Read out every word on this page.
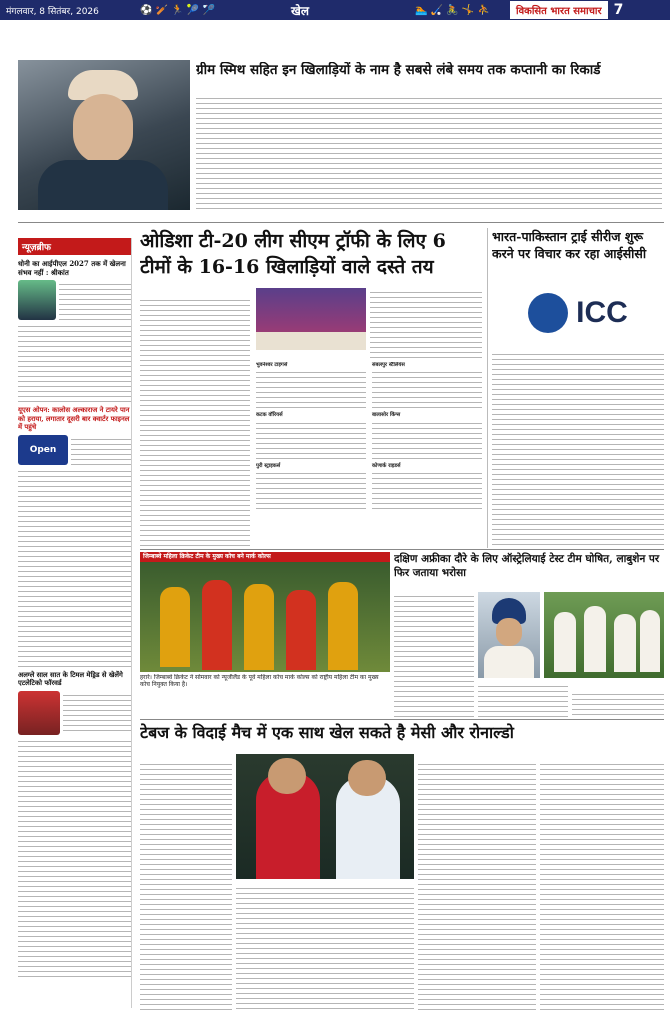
मंगलवार, 8 सितंबर, 2026	⚽ 🏏 🏃 🎾 🏸	खेल	🏊 🏑 🚴 🤸 ⛹	विकसित भारत समाचार 7
ग्रीम स्मिथ सहित इन खिलाड़ियों के नाम है सबसे लंबे समय तक कप्तानी का रिकार्ड
न्यूज़ब्रीफ
धोनी का आईपीएल 2027 तक में खेलना संभव नहीं : श्रीकांत
यूएस ओपन: कालोस अल्काराज ने टायरे पान को हराया, लगातार दूसरी बार क्वार्टर फाइनल में पहुंचे
Open
अलग्ले साल सात के टिमल मेड्रिड से खेलेंगे एटलेटिको फॉरवर्ड
ओडिशा टी-20 लीग सीएम ट्रॉफी के लिए 6 टीमों के 16-16 खिलाड़ियों वाले दस्ते तय
भुवनेश्वर टाइगर्स
कटक वॉरियर्स
पुरी स्ट्राइकर्स
संबलपुर स्टैलियंस
बालासोर किंग्स
कोणार्क राइडर्स
भारत-पाकिस्तान ट्राई सीरीज शुरू करने पर विचार कर रहा आईसीसी
ICC
जिम्बाब्वे महिला क्रिकेट टीम के मुख्य कोच बने मार्क कोल्स
हरारे। जिम्बाब्वे क्रिकेट ने सोमवार को न्यूजीलैंड के पूर्व महिला कोच मार्क कोल्स को राष्ट्रीय महिला टीम का मुख्य कोच नियुक्त किया है।
दक्षिण अफ्रीका दौरे के लिए ऑस्ट्रेलियाई टेस्ट टीम घोषित, लाबुशेन पर फिर जताया भरोसा
टेबज के विदाई मैच में एक साथ खेल सकते है मेसी और रोनाल्डो
